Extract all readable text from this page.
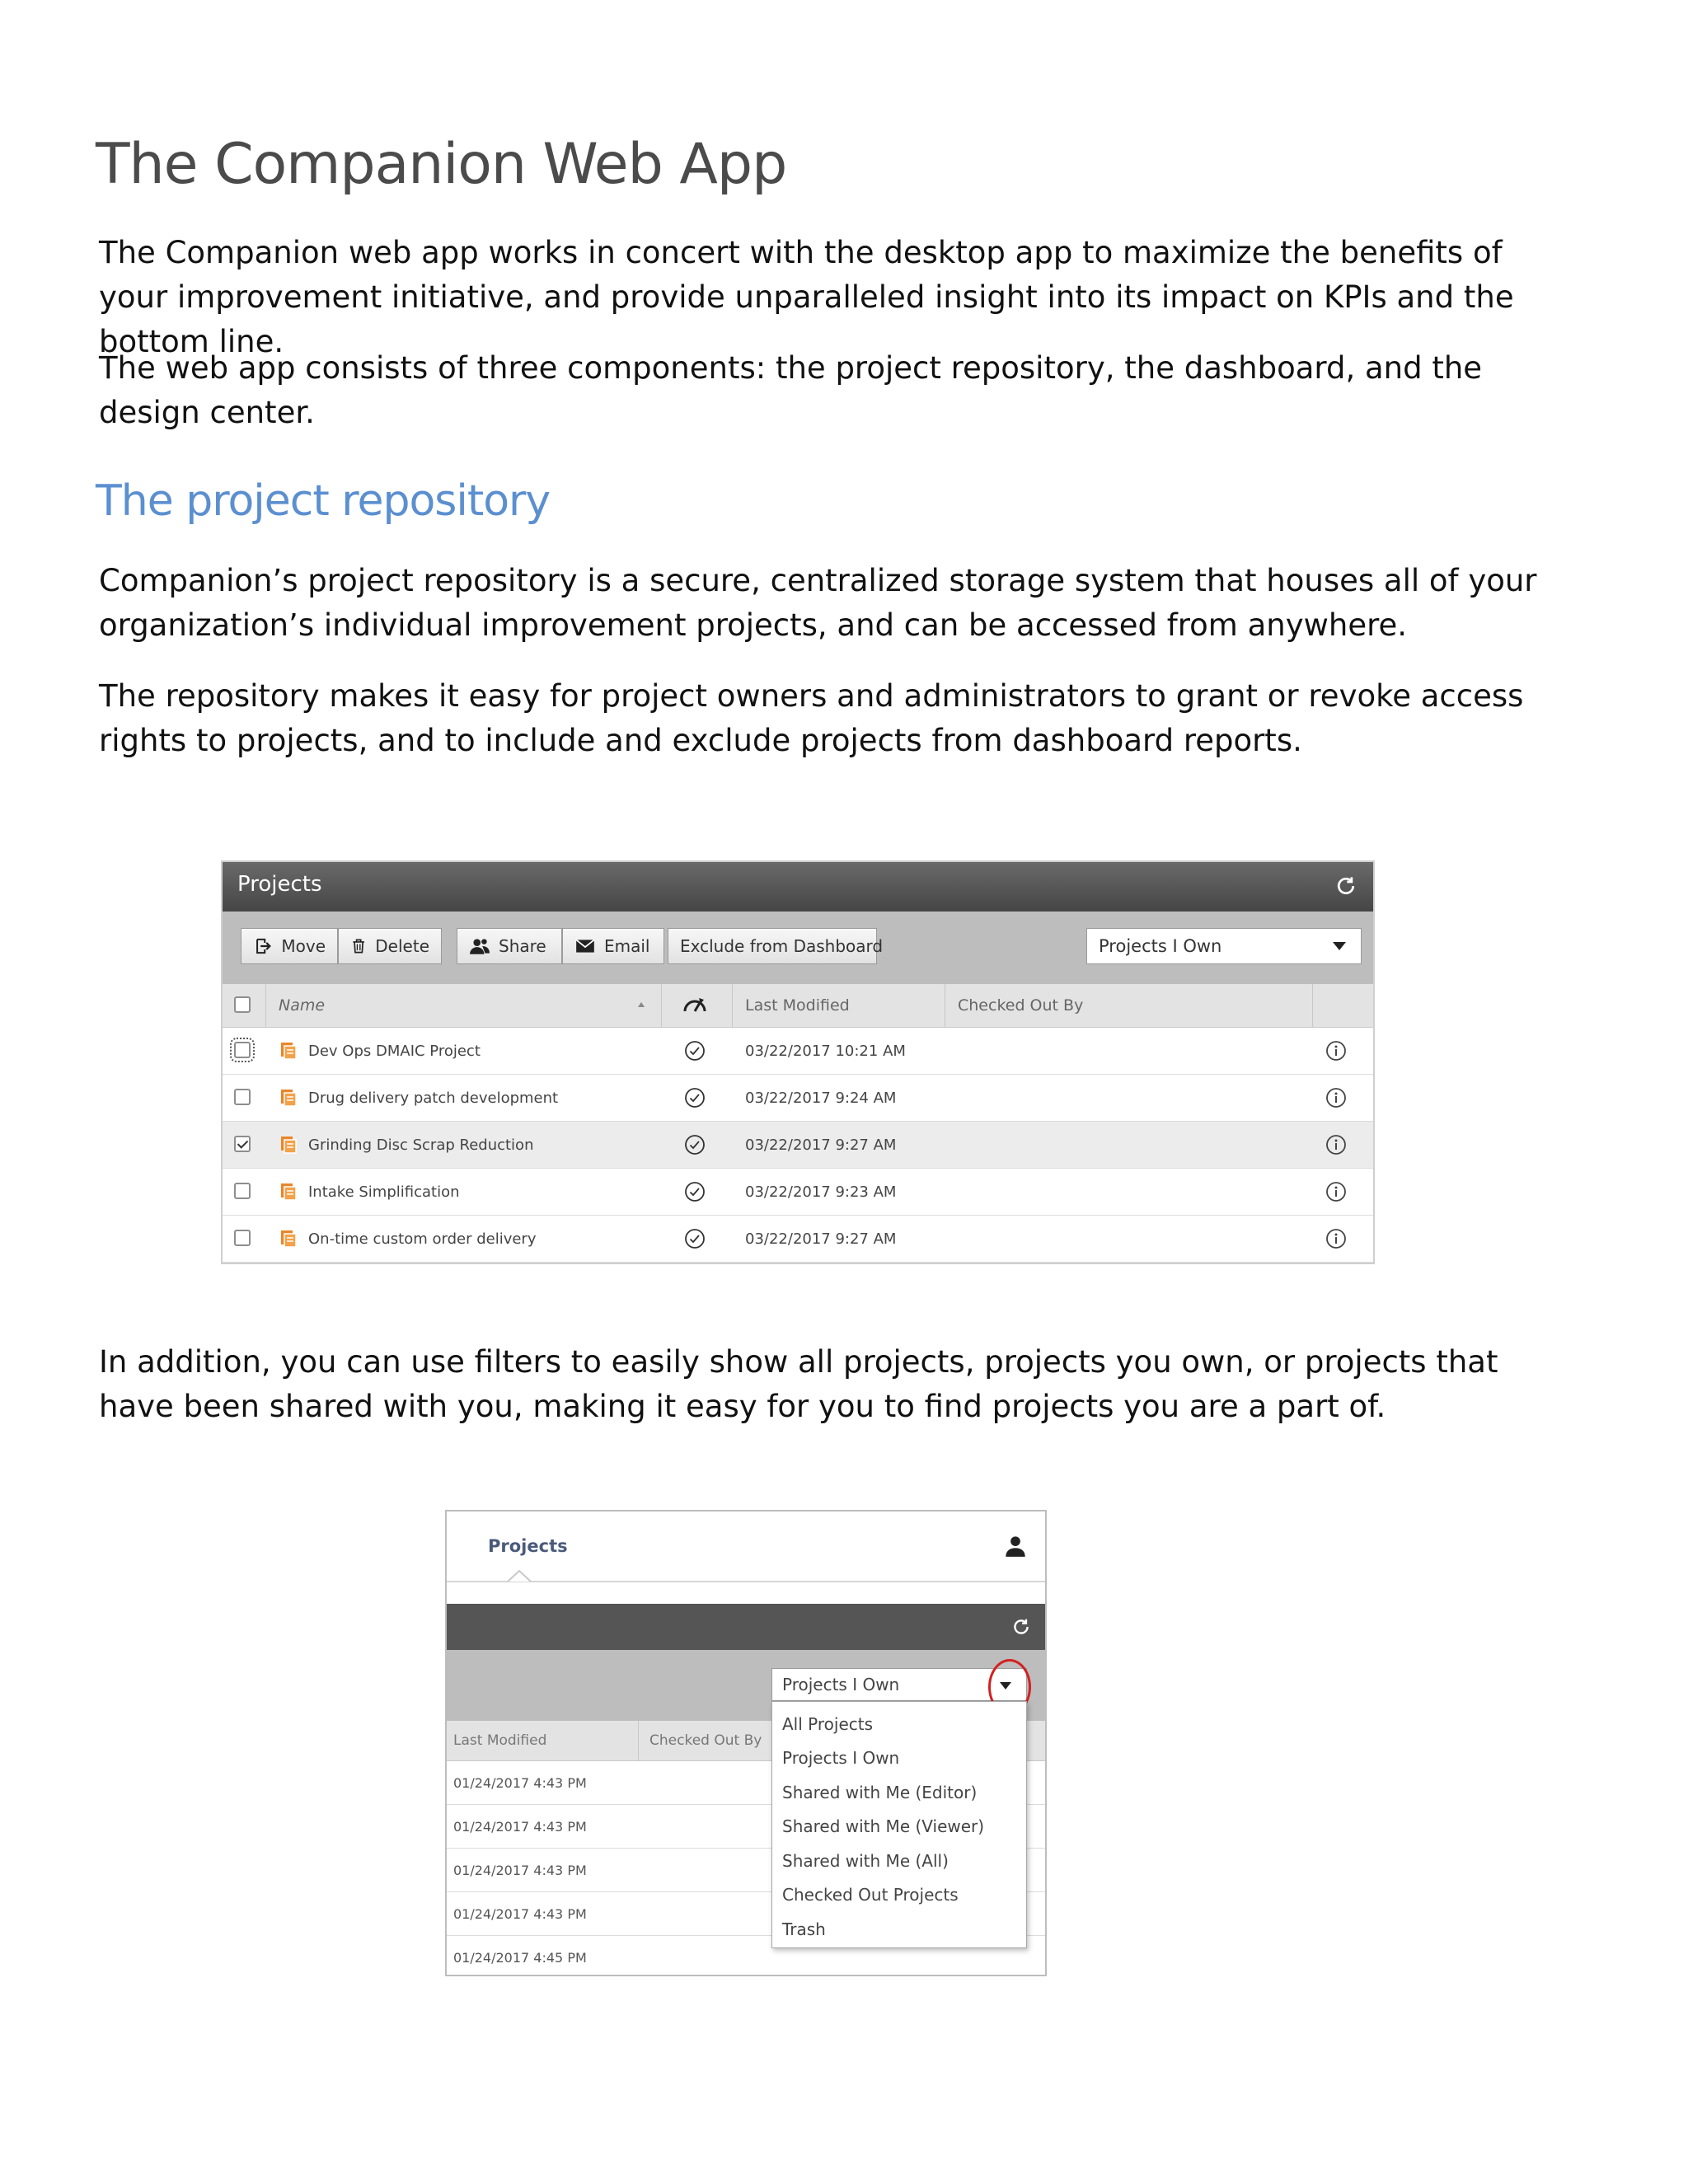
The Companion Web App

The Companion web app works in concert with the desktop app to maximize the benefits of your improvement initiative, and provide unparalleled insight into its impact on KPIs and the bottom line.

The web app consists of three components: the project repository, the dashboard, and the design center.

The project repository

Companion’s project repository is a secure, centralized storage system that houses all of your organization’s individual improvement projects, and can be accessed from anywhere.

The repository makes it easy for project owners and administrators to grant or revoke access rights to projects, and to include and exclude projects from dashboard reports.

Projects
Move	Delete	Share	Email Exclude from Dashboard	Projects I Own
Name	Last Modified	Checked Out By
Dev Ops DMAIC Project	03/22/2017 10:21 AM
Drug delivery patch development	03/22/2017 9:24 AM
Grinding Disc Scrap Reduction	03/22/2017 9:27 AM
Intake Simplification	03/22/2017 9:23 AM
On-time custom order delivery	03/22/2017 9:27 AM

In addition, you can use filters to easily show all projects, projects you own, or projects that have been shared with you, making it easy for you to find projects you are a part of.

Projects
Projects I Own
Last Modified	Checked Out By
01/24/2017 4:43 PM
01/24/2017 4:43 PM
01/24/2017 4:43 PM
01/24/2017 4:43 PM
01/24/2017 4:45 PM
All Projects
Projects I Own
Shared with Me (Editor)
Shared with Me (Viewer)
Shared with Me (All)
Checked Out Projects
Trash
